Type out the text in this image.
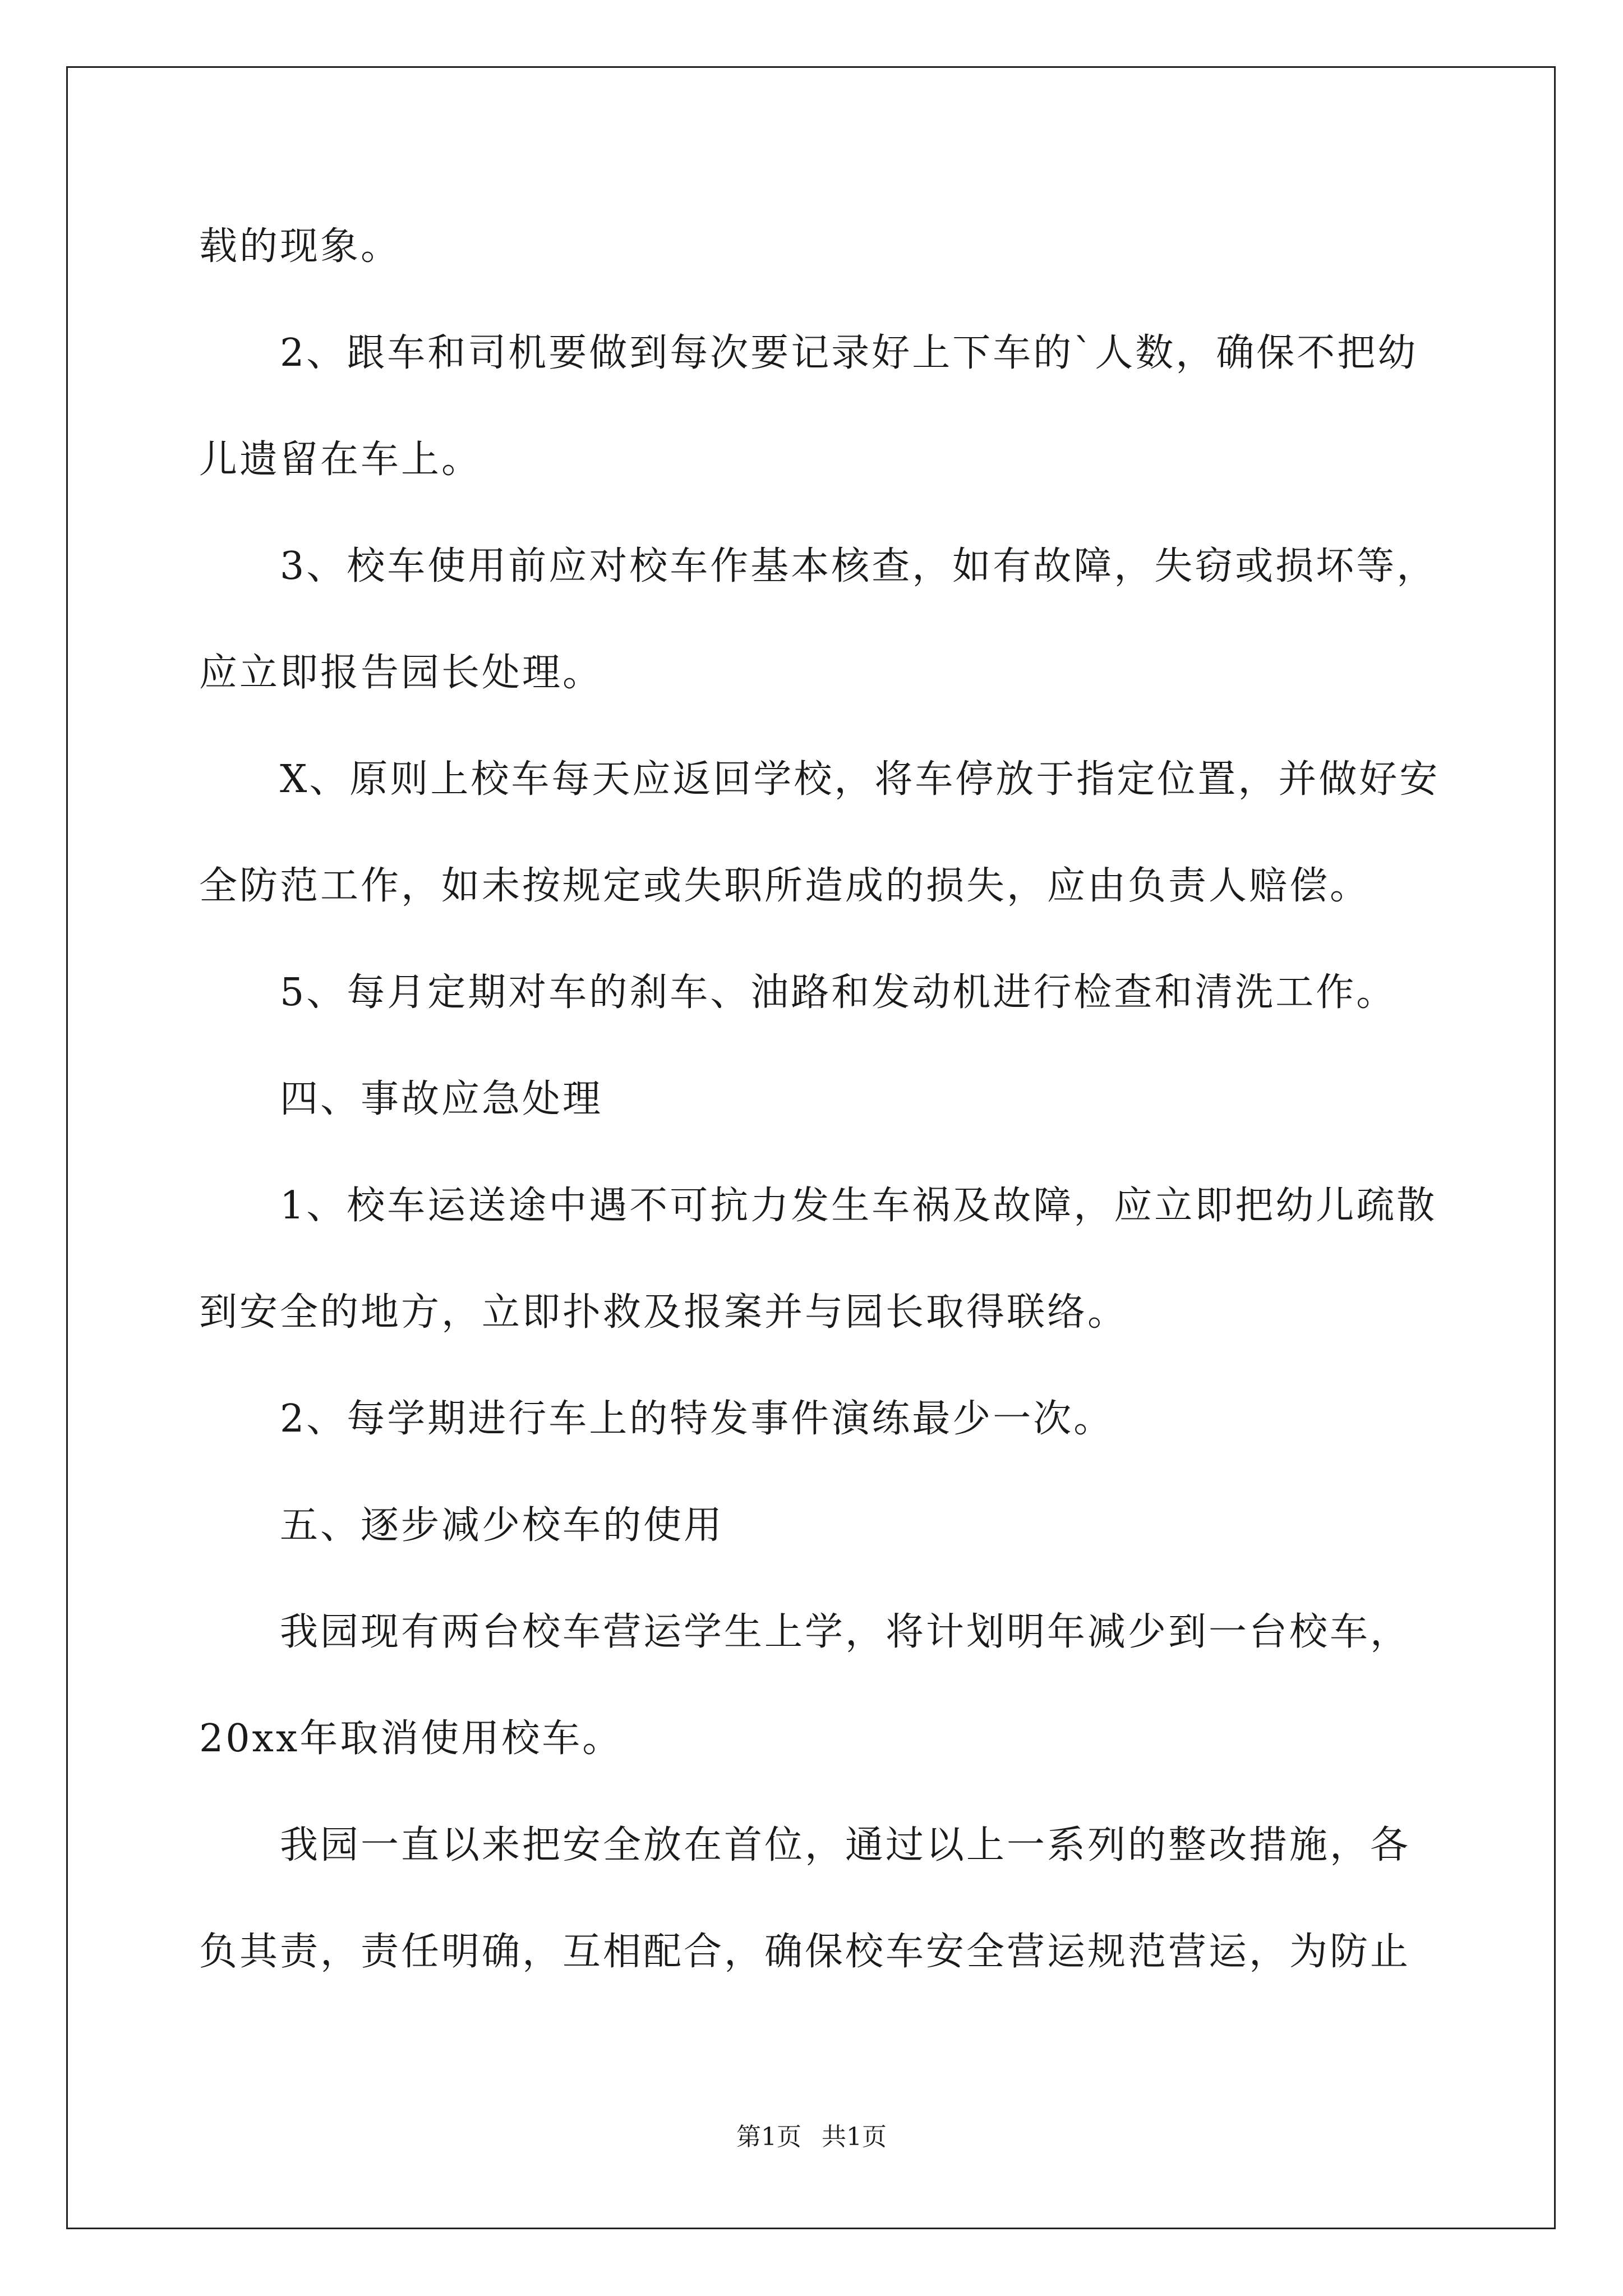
载的现象。
　　2、跟车和司机要做到每次要记录好上下车的`人数，确保不把幼
儿遗留在车上。
　　3、校车使用前应对校车作基本核查，如有故障，失窃或损坏等，
应立即报告园长处理。
　　X、原则上校车每天应返回学校，将车停放于指定位置，并做好安
全防范工作，如未按规定或失职所造成的损失，应由负责人赔偿。
　　5、每月定期对车的刹车、油路和发动机进行检查和清洗工作。
　　四、事故应急处理
　　1、校车运送途中遇不可抗力发生车祸及故障，应立即把幼儿疏散
到安全的地方，立即扑救及报案并与园长取得联络。
　　2、每学期进行车上的特发事件演练最少一次。
　　五、逐步减少校车的使用
　　我园现有两台校车营运学生上学，将计划明年减少到一台校车，
20xx年取消使用校车。
　　我园一直以来把安全放在首位，通过以上一系列的整改措施，各
负其责，责任明确，互相配合，确保校车安全营运规范营运，为防止
第1页 共1页
